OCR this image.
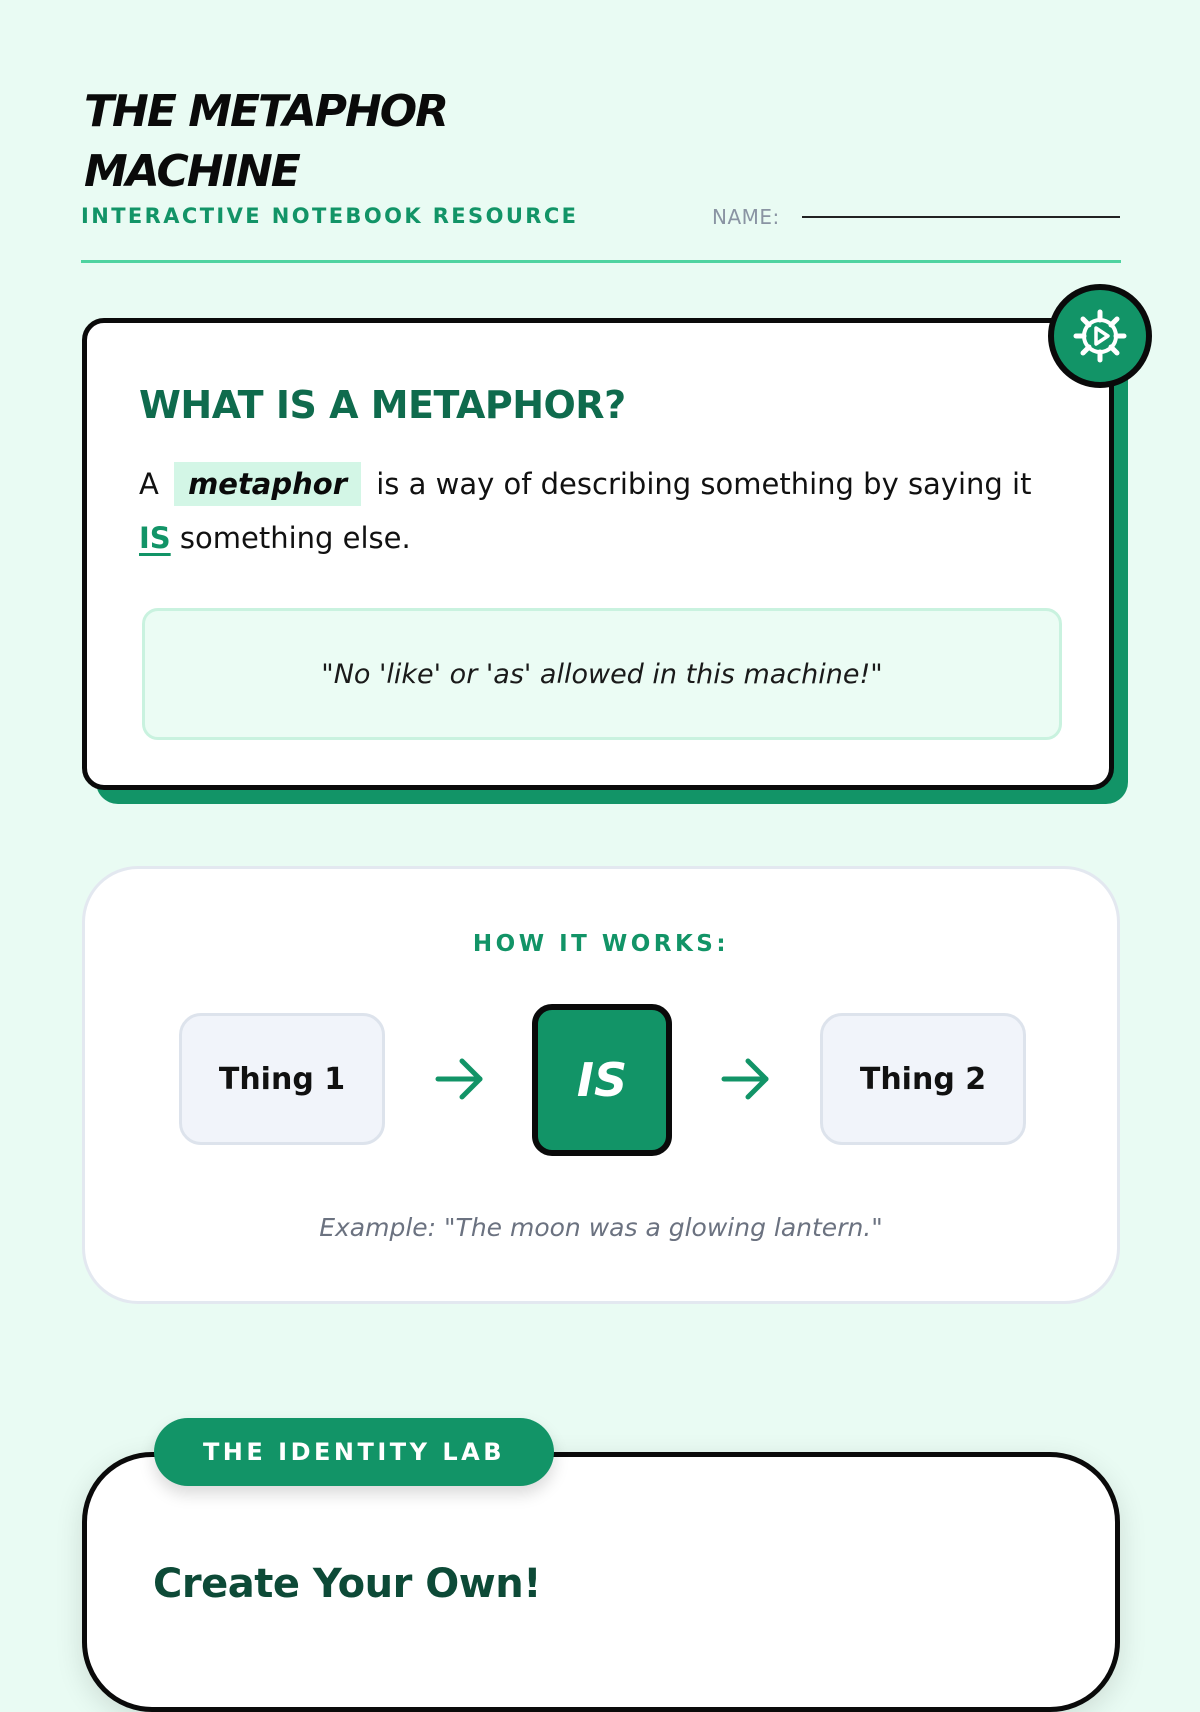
THE METAPHOR MACHINE
INTERACTIVE NOTEBOOK RESOURCE	NAME:
WHAT IS A METAPHOR?
A metaphor is a way of describing something by saying it
IS something else.
"No 'like' or 'as' allowed in this machine!"
HOW IT WORKS:
Thing 1	IS	Thing 2
Example: "The moon was a glowing lantern."
THE IDENTITY LAB
Create Your Own!
